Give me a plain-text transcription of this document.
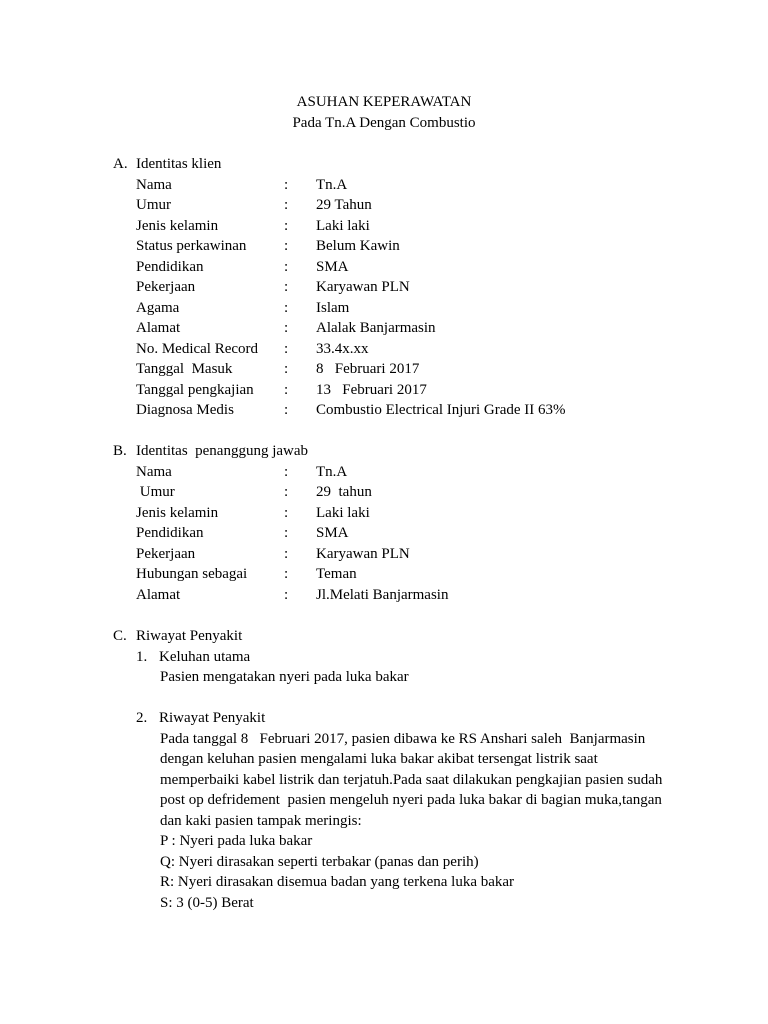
ASUHAN KEPERAWATAN
Pada Tn.A Dengan Combustio
A. Identitas klien
Nama	: Tn.A
Umur	: 29 Tahun
Jenis kelamin	: Laki laki
Status perkawinan	: Belum Kawin
Pendidikan	: SMA
Pekerjaan	: Karyawan PLN
Agama	: Islam
Alamat	: Alalak Banjarmasin
No. Medical Record : 33.4x.xx
Tanggal  Masuk	: 8   Februari 2017
Tanggal pengkajian : 13   Februari 2017
Diagnosa Medis	: Combustio Electrical Injuri Grade II 63%
B. Identitas  penanggung jawab
Nama	: Tn.A
Umur	: 29  tahun
Jenis kelamin	: Laki laki
Pendidikan	: SMA
Pekerjaan	: Karyawan PLN
Hubungan sebagai : Teman
Alamat	: Jl.Melati Banjarmasin
C. Riwayat Penyakit
1. Keluhan utama
Pasien mengatakan nyeri pada luka bakar
2. Riwayat Penyakit
Pada tanggal 8   Februari 2017, pasien dibawa ke RS Anshari saleh  Banjarmasin
dengan keluhan pasien mengalami luka bakar akibat tersengat listrik saat
memperbaiki kabel listrik dan terjatuh.Pada saat dilakukan pengkajian pasien sudah
post op defridement  pasien mengeluh nyeri pada luka bakar di bagian muka,tangan
dan kaki pasien tampak meringis:
P : Nyeri pada luka bakar
Q: Nyeri dirasakan seperti terbakar (panas dan perih)
R: Nyeri dirasakan disemua badan yang terkena luka bakar
S: 3 (0-5) Berat
